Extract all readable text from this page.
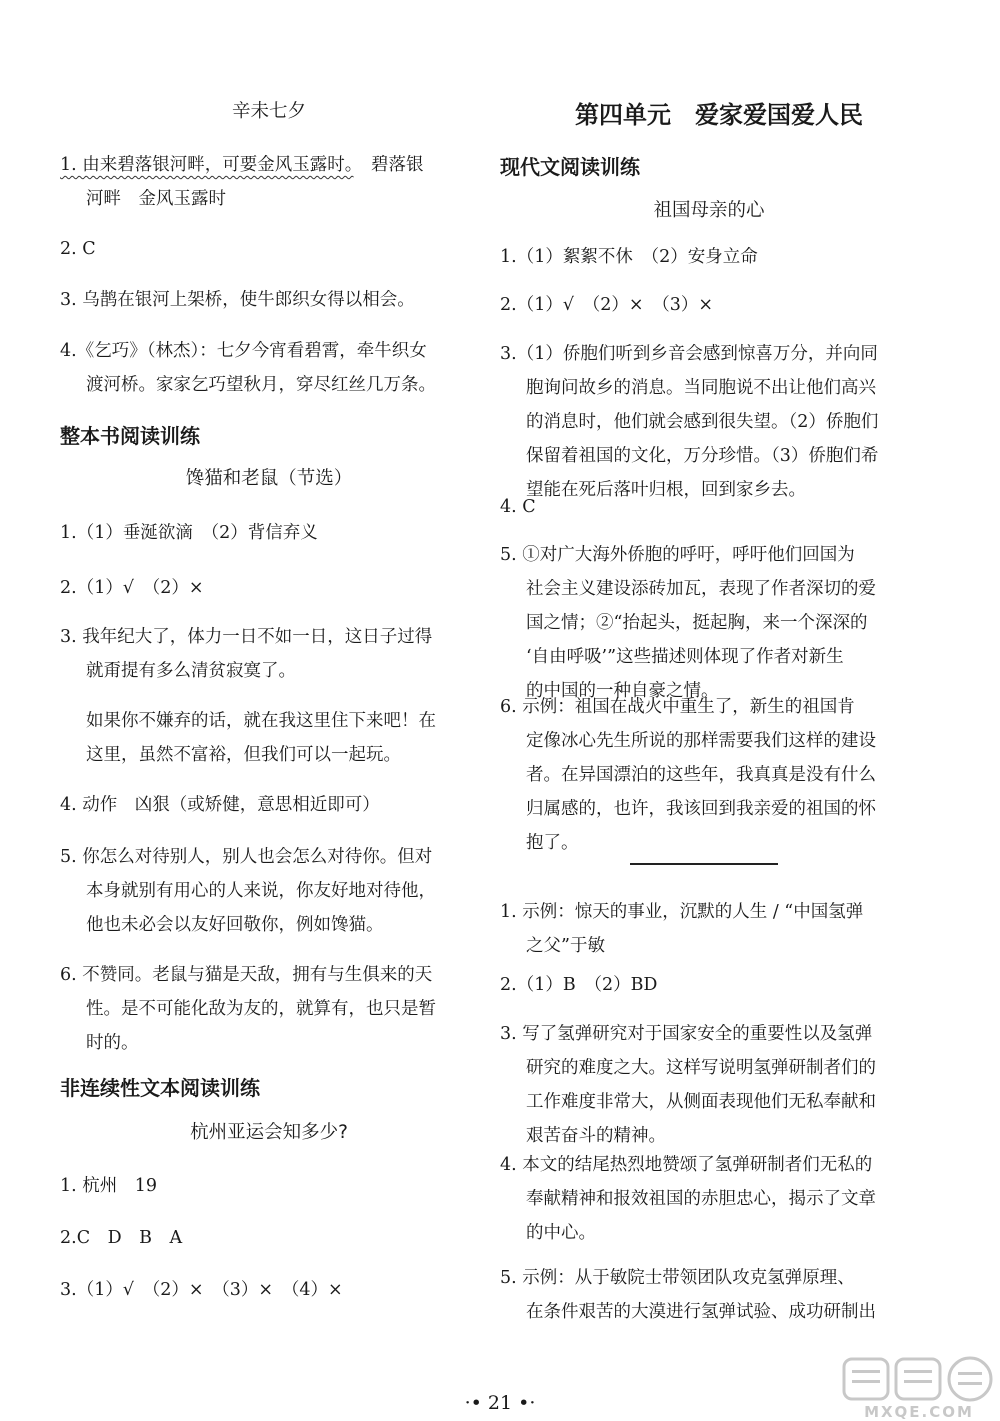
辛未七夕

1. 由来碧落银河畔，可要金风玉露时。　 碧落银

河畔　金风玉露时

2. C

3. 乌鹊在银河上架桥，使牛郎织女得以相会。

4.《乞巧》（林杰）：七夕今宵看碧霄，牵牛织女

渡河桥。家家乞巧望秋月，穿尽红丝几万条。

整本书阅读训练

馋猫和老鼠（节选）

1.（1）垂涎欲滴　（2）背信弃义

2.（1）√　（2）×

3. 我年纪大了，体力一日不如一日，这日子过得

就甭提有多么清贫寂寞了。

如果你不嫌弃的话，就在我这里住下来吧！在

这里，虽然不富裕，但我们可以一起玩。

4. 动作　凶狠（或矫健，意思相近即可）

5. 你怎么对待别人，别人也会怎么对待你。但对

本身就别有用心的人来说，你友好地对待他，

他也未必会以友好回敬你，例如馋猫。

6. 不赞同。老鼠与猫是天敌，拥有与生俱来的天

性。是不可能化敌为友的，就算有，也只是暂

时的。

非连续性文本阅读训练

杭州亚运会知多少?

1. 杭州　19

2.C　D　B　A

3.（1）√　（2）×　（3）×　（4）×

第四单元　爱家爱国爱人民

现代文阅读训练

祖国母亲的心

1.（1）絮絮不休　（2）安身立命

2.（1）√　（2）×　（3）×

3.（1）侨胞们听到乡音会感到惊喜万分，并向同

胞询问故乡的消息。当同胞说不出让他们高兴

的消息时，他们就会感到很失望。（2）侨胞们

保留着祖国的文化，万分珍惜。（3）侨胞们希

望能在死后落叶归根，回到家乡去。

4. C

5. ①对广大海外侨胞的呼吁，呼吁他们回国为

社会主义建设添砖加瓦，表现了作者深切的爱

国之情；②“抬起头，挺起胸，来一个深深的

‘自由呼吸’”这些描述则体现了作者对新生

的中国的一种自豪之情。

6. 示例：祖国在战火中重生了，新生的祖国肯

定像冰心先生所说的那样需要我们这样的建设

者。在异国漂泊的这些年，我真真是没有什么

归属感的，也许，我该回到我亲爱的祖国的怀

抱了。

1. 示例：惊天的事业，沉默的人生 / “中国氢弹

之父”于敏

2.（1）B　（2）BD

3. 写了氢弹研究对于国家安全的重要性以及氢弹

研究的难度之大。这样写说明氢弹研制者们的

工作难度非常大，从侧面表现他们无私奉献和

艰苦奋斗的精神。

4. 本文的结尾热烈地赞颂了氢弹研制者们无私的

奉献精神和报效祖国的赤胆忠心，揭示了文章

的中心。

5. 示例：从于敏院士带领团队攻克氢弹原理、

在条件艰苦的大漠进行氢弹试验、成功研制出

·• 21 •·	MXQE.COM
